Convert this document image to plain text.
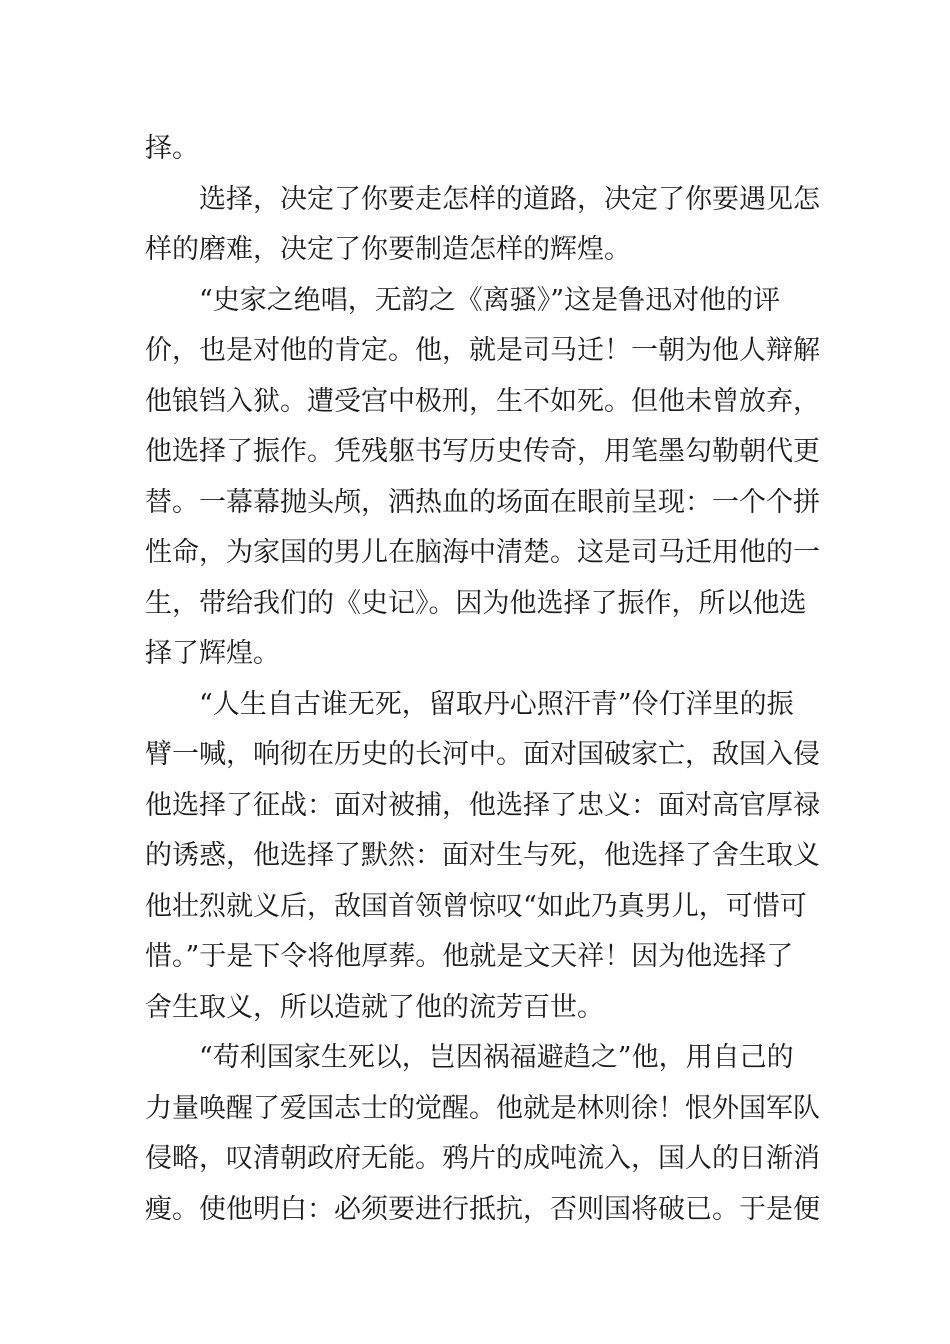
择。
　　选择，决定了你要走怎样的道路，决定了你要遇见怎
样的磨难，决定了你要制造怎样的辉煌。
　　“史家之绝唱，无韵之《离骚》”这是鲁迅对他的评
价，也是对他的肯定。他，就是司马迁！一朝为他人辩解
他锒铛入狱。遭受宫中极刑，生不如死。但他未曾放弃，
他选择了振作。凭残躯书写历史传奇，用笔墨勾勒朝代更
替。一幕幕抛头颅，洒热血的场面在眼前呈现：一个个拼
性命，为家国的男儿在脑海中清楚。这是司马迁用他的一
生，带给我们的《史记》。因为他选择了振作，所以他选
择了辉煌。
　　“人生自古谁无死，留取丹心照汗青”伶仃洋里的振
臂一喊，响彻在历史的长河中。面对国破家亡，敌国入侵
他选择了征战：面对被捕，他选择了忠义：面对高官厚禄
的诱惑，他选择了默然：面对生与死，他选择了舍生取义
他壮烈就义后，敌国首领曾惊叹“如此乃真男儿，可惜可
惜。”于是下令将他厚葬。他就是文天祥！因为他选择了
舍生取义，所以造就了他的流芳百世。
　　“苟利国家生死以，岂因祸福避趋之”他，用自己的
力量唤醒了爱国志士的觉醒。他就是林则徐！恨外国军队
侵略，叹清朝政府无能。鸦片的成吨流入，国人的日渐消
瘦。使他明白：必须要进行抵抗，否则国将破已。于是便
